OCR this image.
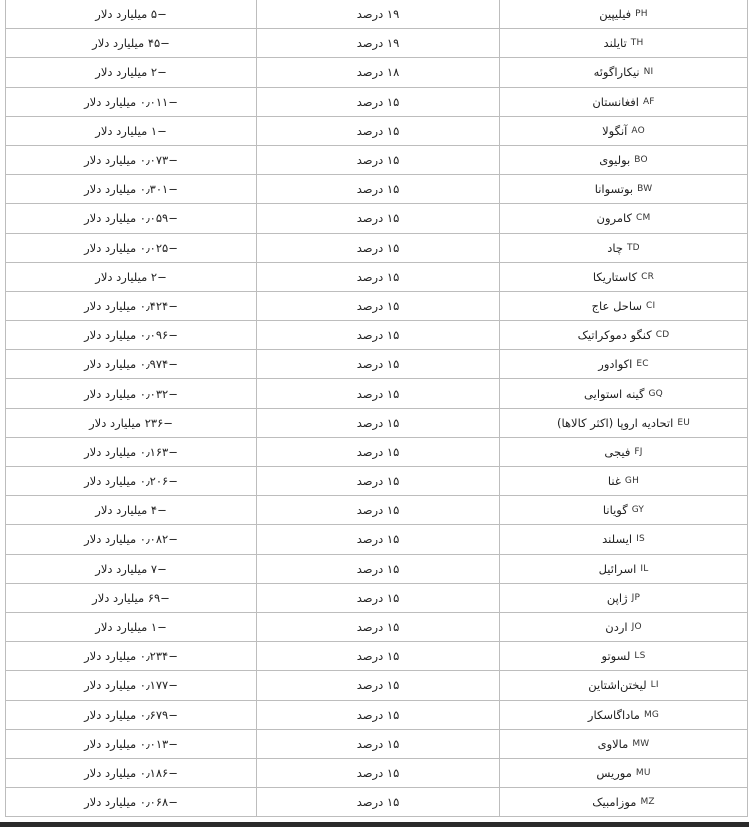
−۵ میلیارد دلار	۱۹ درصد	فیلیپین PH

−۴۵ میلیارد دلار	۱۹ درصد	تایلند TH

−۲ میلیارد دلار	۱۸ درصد	نیکاراگوئه NI

−۰٫۰۱۱ میلیارد دلار	۱۵ درصد	افغانستان AF

−۱ میلیارد دلار	۱۵ درصد	آنگولا AO

−۰٫۰۷۳ میلیارد دلار	۱۵ درصد	بولیوی BO

−۰٫۳۰۱ میلیارد دلار	۱۵ درصد	بوتسوانا BW

−۰٫۰۵۹ میلیارد دلار	۱۵ درصد	کامرون CM

−۰٫۰۲۵ میلیارد دلار	۱۵ درصد	چاد TD

−۲ میلیارد دلار	۱۵ درصد	کاستاریکا CR

−۰٫۴۲۴ میلیارد دلار	۱۵ درصد	ساحل عاج CI

−۰٫۰۹۶ میلیارد دلار	۱۵ درصد	کنگو دموکراتیک CD

−۰٫۹۷۴ میلیارد دلار	۱۵ درصد	اکوادور EC

−۰٫۰۳۲ میلیارد دلار	۱۵ درصد	گینه استوایی GQ

−۲۳۶ میلیارد دلار	۱۵ درصد	اتحادیه اروپا (اکثر کالاها) EU

−۰٫۱۶۳ میلیارد دلار	۱۵ درصد	فیجی FJ

−۰٫۲۰۶ میلیارد دلار	۱۵ درصد	غنا GH

−۴ میلیارد دلار	۱۵ درصد	گویانا GY

−۰٫۰۸۲ میلیارد دلار	۱۵ درصد	ایسلند IS

−۷ میلیارد دلار	۱۵ درصد	اسرائیل IL

−۶۹ میلیارد دلار	۱۵ درصد	ژاپن JP

−۱ میلیارد دلار	۱۵ درصد	اردن JO

−۰٫۲۳۴ میلیارد دلار	۱۵ درصد	لسوتو LS

−۰٫۱۷۷ میلیارد دلار	۱۵ درصد	لیختن‌اشتاین LI

−۰٫۶۷۹ میلیارد دلار	۱۵ درصد	ماداگاسکار MG

−۰٫۰۱۳ میلیارد دلار	۱۵ درصد	مالاوی MW

−۰٫۱۸۶ میلیارد دلار	۱۵ درصد	موریس MU

−۰٫۰۶۸ میلیارد دلار	۱۵ درصد	موزامبیک MZ
